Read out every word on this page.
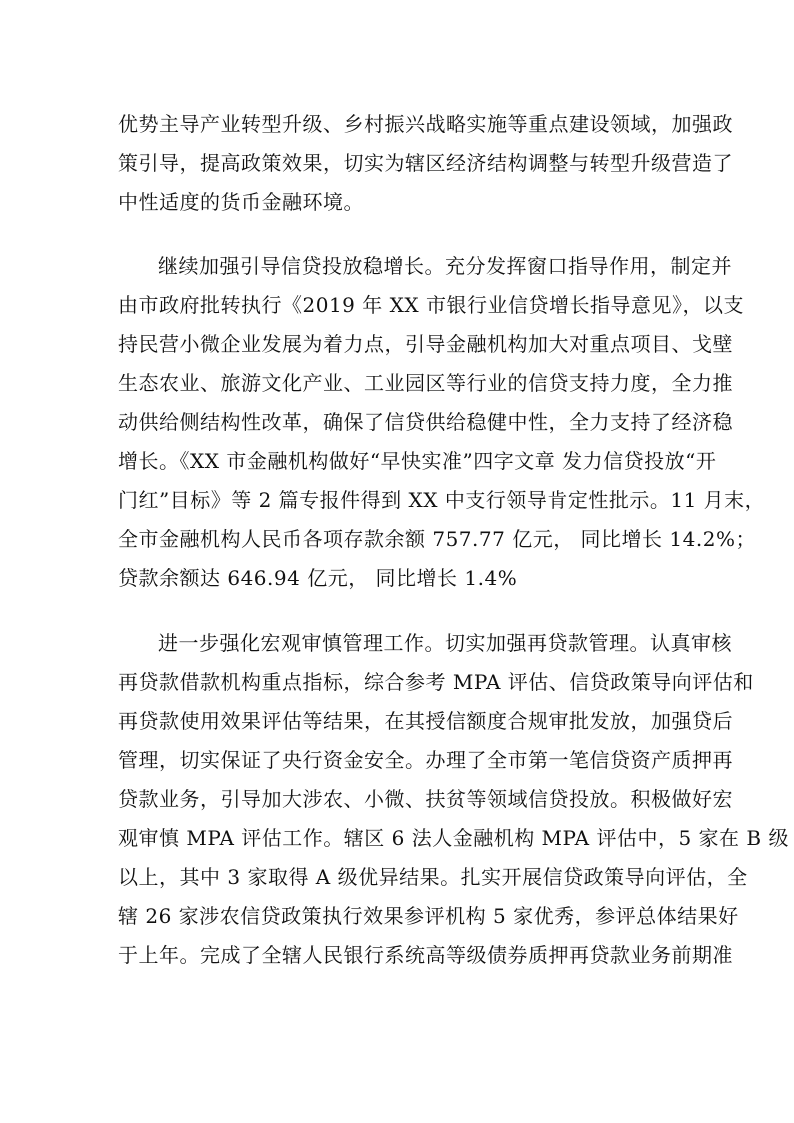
优势主导产业转型升级、乡村振兴战略实施等重点建设领域，加强政
策引导，提高政策效果，切实为辖区经济结构调整与转型升级营造了
中性适度的货币金融环境。
继续加强引导信贷投放稳增长。充分发挥窗口指导作用，制定并
由市政府批转执行《2019 年 XX 市银行业信贷增长指导意见》，以支
持民营小微企业发展为着力点，引导金融机构加大对重点项目、戈壁
生态农业、旅游文化产业、工业园区等行业的信贷支持力度，全力推
动供给侧结构性改革，确保了信贷供给稳健中性，全力支持了经济稳
增长。《XX 市金融机构做好“早快实准”四字文章 发力信贷投放“开
门红”目标》等 2 篇专报件得到 XX 中支行领导肯定性批示。11 月末，
全市金融机构人民币各项存款余额 757.77 亿元， 同比增长 14.2%；
贷款余额达 646.94 亿元， 同比增长 1.4%
进一步强化宏观审慎管理工作。切实加强再贷款管理。认真审核
再贷款借款机构重点指标，综合参考 MPA 评估、信贷政策导向评估和
再贷款使用效果评估等结果，在其授信额度合规审批发放，加强贷后
管理，切实保证了央行资金安全。办理了全市第一笔信贷资产质押再
贷款业务，引导加大涉农、小微、扶贫等领域信贷投放。积极做好宏
观审慎 MPA 评估工作。辖区 6 法人金融机构 MPA 评估中，5 家在 B 级
以上，其中 3 家取得 A 级优异结果。扎实开展信贷政策导向评估，全
辖 26 家涉农信贷政策执行效果参评机构 5 家优秀，参评总体结果好
于上年。完成了全辖人民银行系统高等级债券质押再贷款业务前期准
